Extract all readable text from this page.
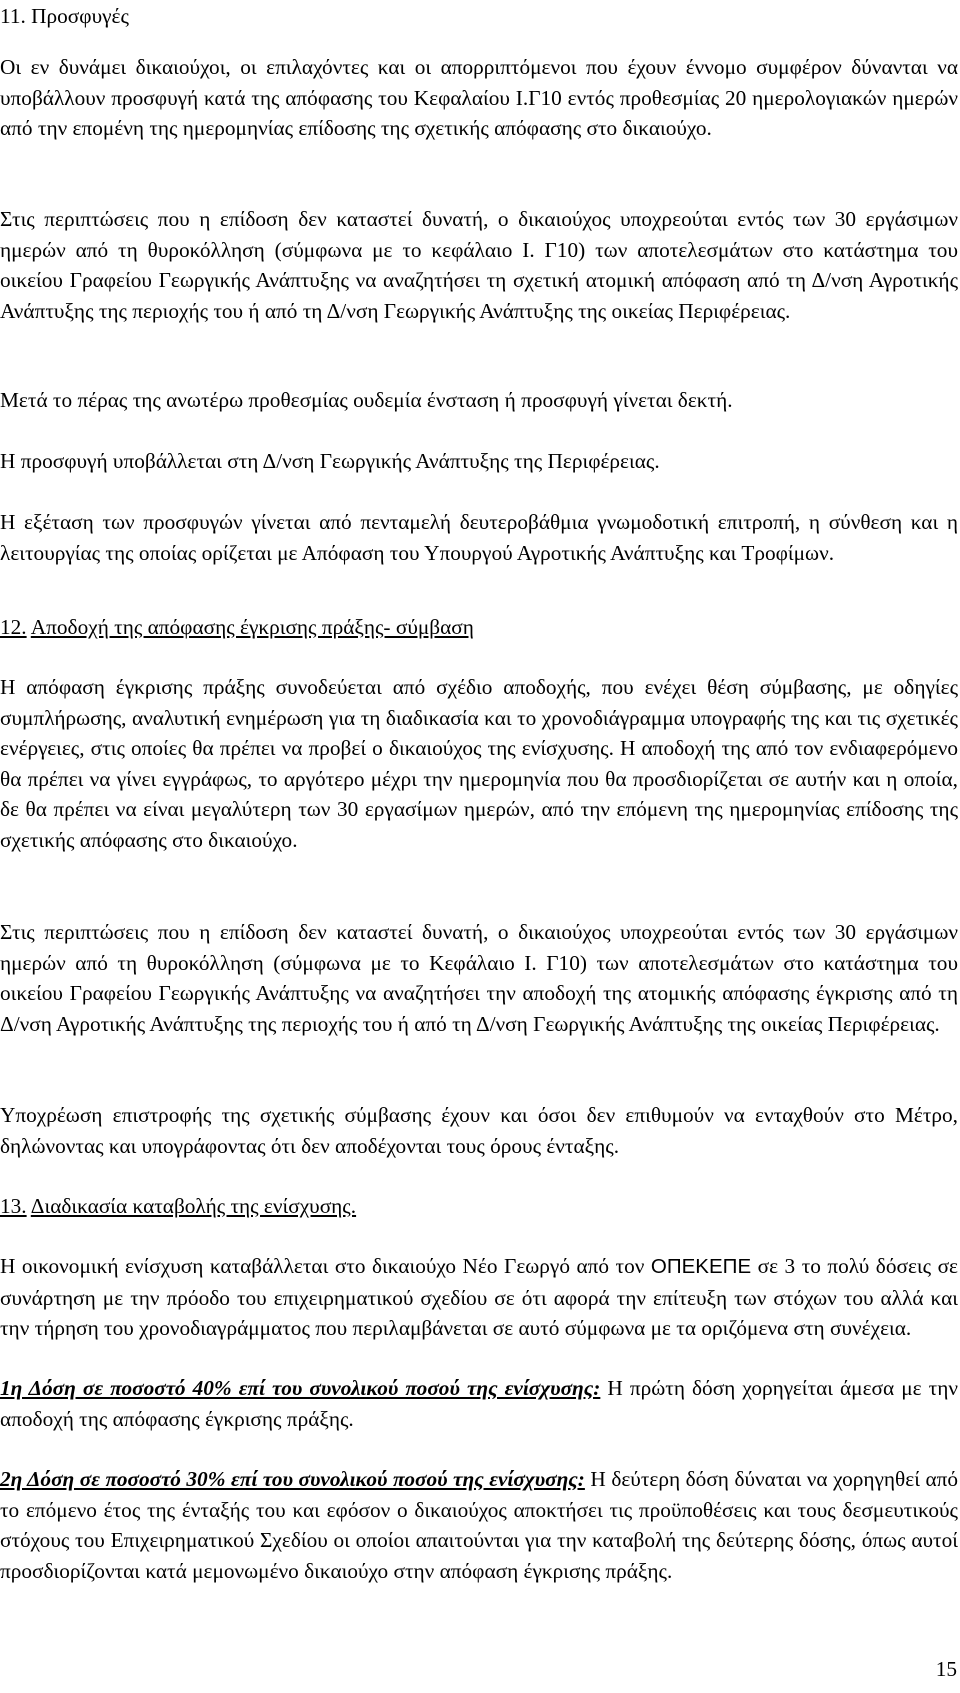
11. Προσφυγές

Οι εν δυνάμει δικαιούχοι, οι επιλαχόντες και οι απορριπτόμενοι που έχουν έννομο συμφέρον δύνανται να υποβάλλουν προσφυγή κατά της απόφασης του Κεφαλαίου Ι.Γ10 εντός προθεσμίας 20 ημερολογιακών ημερών από την επομένη της ημερομηνίας επίδοσης της σχετικής απόφασης στο δικαιούχο.

Στις περιπτώσεις που η επίδοση δεν καταστεί δυνατή, ο δικαιούχος υποχρεούται εντός των 30 εργάσιμων ημερών από τη θυροκόλληση (σύμφωνα με το κεφάλαιο Ι. Γ10) των αποτελεσμάτων στο κατάστημα του οικείου Γραφείου Γεωργικής Ανάπτυξης να αναζητήσει τη σχετική ατομική απόφαση από τη Δ/νση Αγροτικής Ανάπτυξης της περιοχής του ή από τη Δ/νση Γεωργικής Ανάπτυξης της οικείας Περιφέρειας.

Μετά το πέρας της ανωτέρω προθεσμίας ουδεμία ένσταση ή προσφυγή γίνεται δεκτή.

Η προσφυγή υποβάλλεται στη Δ/νση Γεωργικής Ανάπτυξης της Περιφέρειας.

Η εξέταση των προσφυγών γίνεται από πενταμελή δευτεροβάθμια γνωμοδοτική επιτροπή, η σύνθεση και η λειτουργίας της οποίας ορίζεται με Απόφαση του Υπουργού Αγροτικής Ανάπτυξης και Τροφίμων.

12. Αποδοχή της απόφασης έγκρισης πράξης- σύμβαση

Η απόφαση έγκρισης πράξης συνοδεύεται από σχέδιο αποδοχής, που ενέχει θέση σύμβασης, με οδηγίες συμπλήρωσης, αναλυτική ενημέρωση για τη διαδικασία και το χρονοδιάγραμμα υπογραφής της και τις σχετικές ενέργειες, στις οποίες θα πρέπει να προβεί ο δικαιούχος της ενίσχυσης. Η αποδοχή της από τον ενδιαφερόμενο θα πρέπει να γίνει εγγράφως, το αργότερο μέχρι την ημερομηνία που θα προσδιορίζεται σε αυτήν και η οποία, δε θα πρέπει να είναι μεγαλύτερη των 30 εργασίμων ημερών, από την επόμενη της ημερομηνίας επίδοσης της σχετικής απόφασης στο δικαιούχο.

Στις περιπτώσεις που η επίδοση δεν καταστεί δυνατή, ο δικαιούχος υποχρεούται εντός των 30 εργάσιμων ημερών από τη θυροκόλληση (σύμφωνα με το Κεφάλαιο Ι. Γ10) των αποτελεσμάτων στο κατάστημα του οικείου Γραφείου Γεωργικής Ανάπτυξης να αναζητήσει την αποδοχή της ατομικής απόφασης έγκρισης από τη Δ/νση Αγροτικής Ανάπτυξης της περιοχής του ή από τη Δ/νση Γεωργικής Ανάπτυξης της οικείας Περιφέρειας.

Υποχρέωση επιστροφής της σχετικής σύμβασης έχουν και όσοι δεν επιθυμούν να ενταχθούν στο Μέτρο, δηλώνοντας και υπογράφοντας ότι δεν αποδέχονται τους όρους ένταξης.

13. Διαδικασία καταβολής της ενίσχυσης.

Η οικονομική ενίσχυση καταβάλλεται στο δικαιούχο Νέο Γεωργό από τον ΟΠΕΚΕΠΕ σε 3 το πολύ δόσεις σε συνάρτηση με την πρόοδο του επιχειρηματικού σχεδίου σε ότι αφορά την επίτευξη των στόχων του αλλά και την τήρηση του χρονοδιαγράμματος που περιλαμβάνεται σε αυτό σύμφωνα με τα οριζόμενα στη συνέχεια.

1η Δόση σε ποσοστό 40% επί του συνολικού ποσού της ενίσχυσης: Η πρώτη δόση χορηγείται άμεσα με την αποδοχή της απόφασης έγκρισης πράξης.

2η Δόση σε ποσοστό 30% επί του συνολικού ποσού της ενίσχυσης: Η δεύτερη δόση δύναται να χορηγηθεί από το επόμενο έτος της ένταξής του και εφόσον ο δικαιούχος αποκτήσει τις προϋποθέσεις και τους δεσμευτικούς στόχους του Επιχειρηματικού Σχεδίου οι οποίοι απαιτούνται για την καταβολή της δεύτερης δόσης, όπως αυτοί προσδιορίζονται κατά μεμονωμένο δικαιούχο στην απόφαση έγκρισης πράξης.

15
